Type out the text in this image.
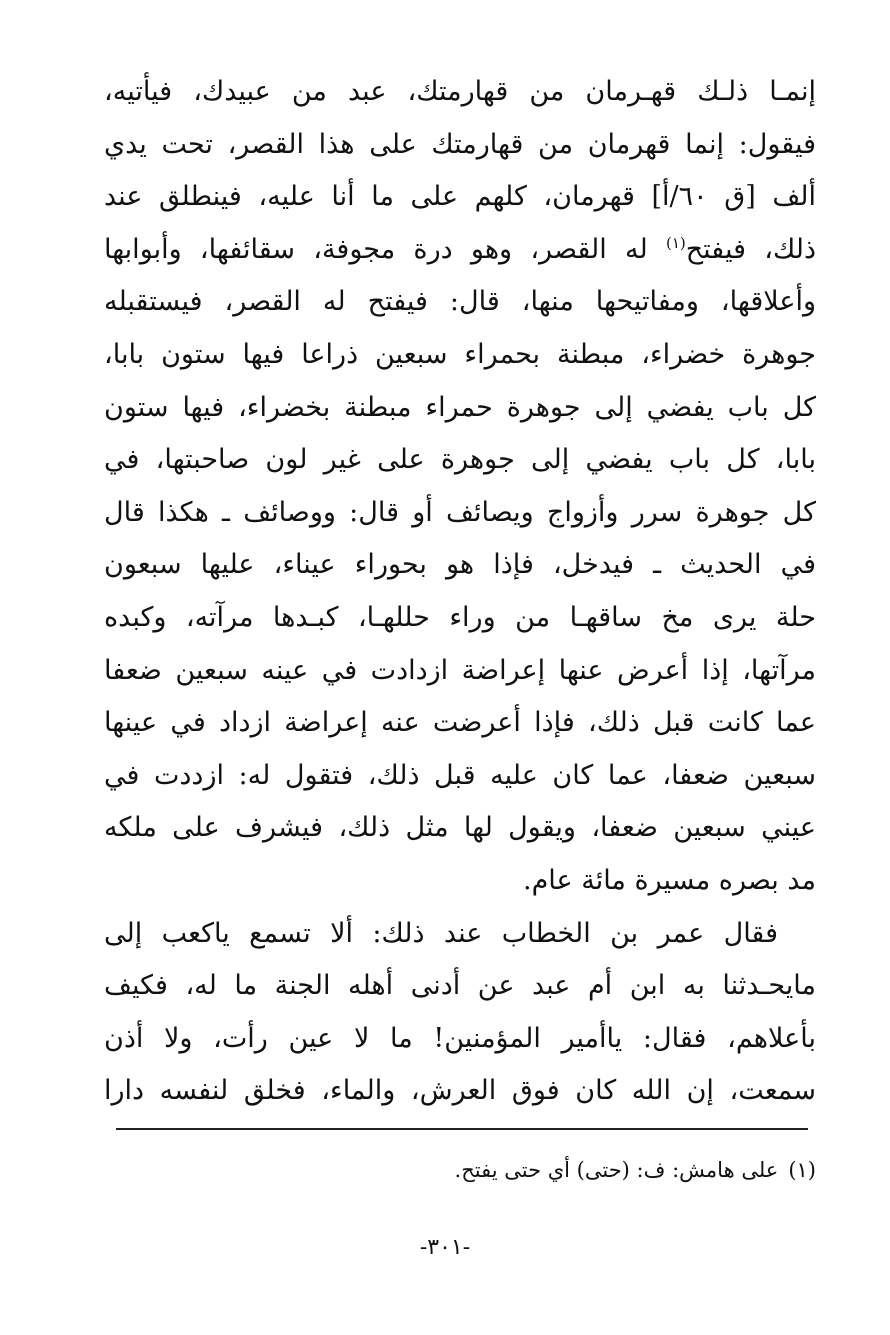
إنمـا ذلـك قهـرمان من قهارمتك، عبد من عبيدك، فيأتيه،
فيقول: إنما قهرمان من قهارمتك على هذا القصر، تحت يدي
ألف [ق ٦٠/أ] قهرمان، كلهم على ما أنا عليه، فينطلق عند
ذلك، فيفتح$^{(١)}$ له القصر، وهو درة مجوفة، سقائفها، وأبوابها
وأعلاقها، ومفاتيحها منها، قال: فيفتح له القصر، فيستقبله
جوهرة خضراء، مبطنة بحمراء سبعين ذراعا فيها ستون بابا،
كل باب يفضي إلى جوهرة حمراء مبطنة بخضراء، فيها ستون
بابا، كل باب يفضي إلى جوهرة على غير لون صاحبتها، في
كل جوهرة سرر وأزواج ويصائف أو قال: ووصائف ـ هكذا قال
في الحديث ـ فيدخل، فإذا هو بحوراء عيناء، عليها سبعون
حلة يرى مخ ساقهـا من وراء حللهـا، كبـدها مرآته، وكبده
مرآتها، إذا أعرض عنها إعراضة ازدادت في عينه سبعين ضعفا
عما كانت قبل ذلك، فإذا أعرضت عنه إعراضة ازداد في عينها
سبعين ضعفا، عما كان عليه قبل ذلك، فتقول له: ازددت في
عيني سبعين ضعفا، ويقول لها مثل ذلك، فيشرف على ملكه
مد بصره مسيرة مائة عام.
فقال عمر بن الخطاب عند ذلك: ألا تسمع ياكعب إلى
مايحـدثنا به ابن أم عبد عن أدنى أهله الجنة ما له، فكيف
بأعلاهم، فقال: ياأمير المؤمنين! ما لا عين رأت، ولا أذن
سمعت، إن الله كان فوق العرش، والماء، فخلق لنفسه دارا
(١)على هامش: ف: (حتى) أي حتى يفتح.
-٣٠١-
